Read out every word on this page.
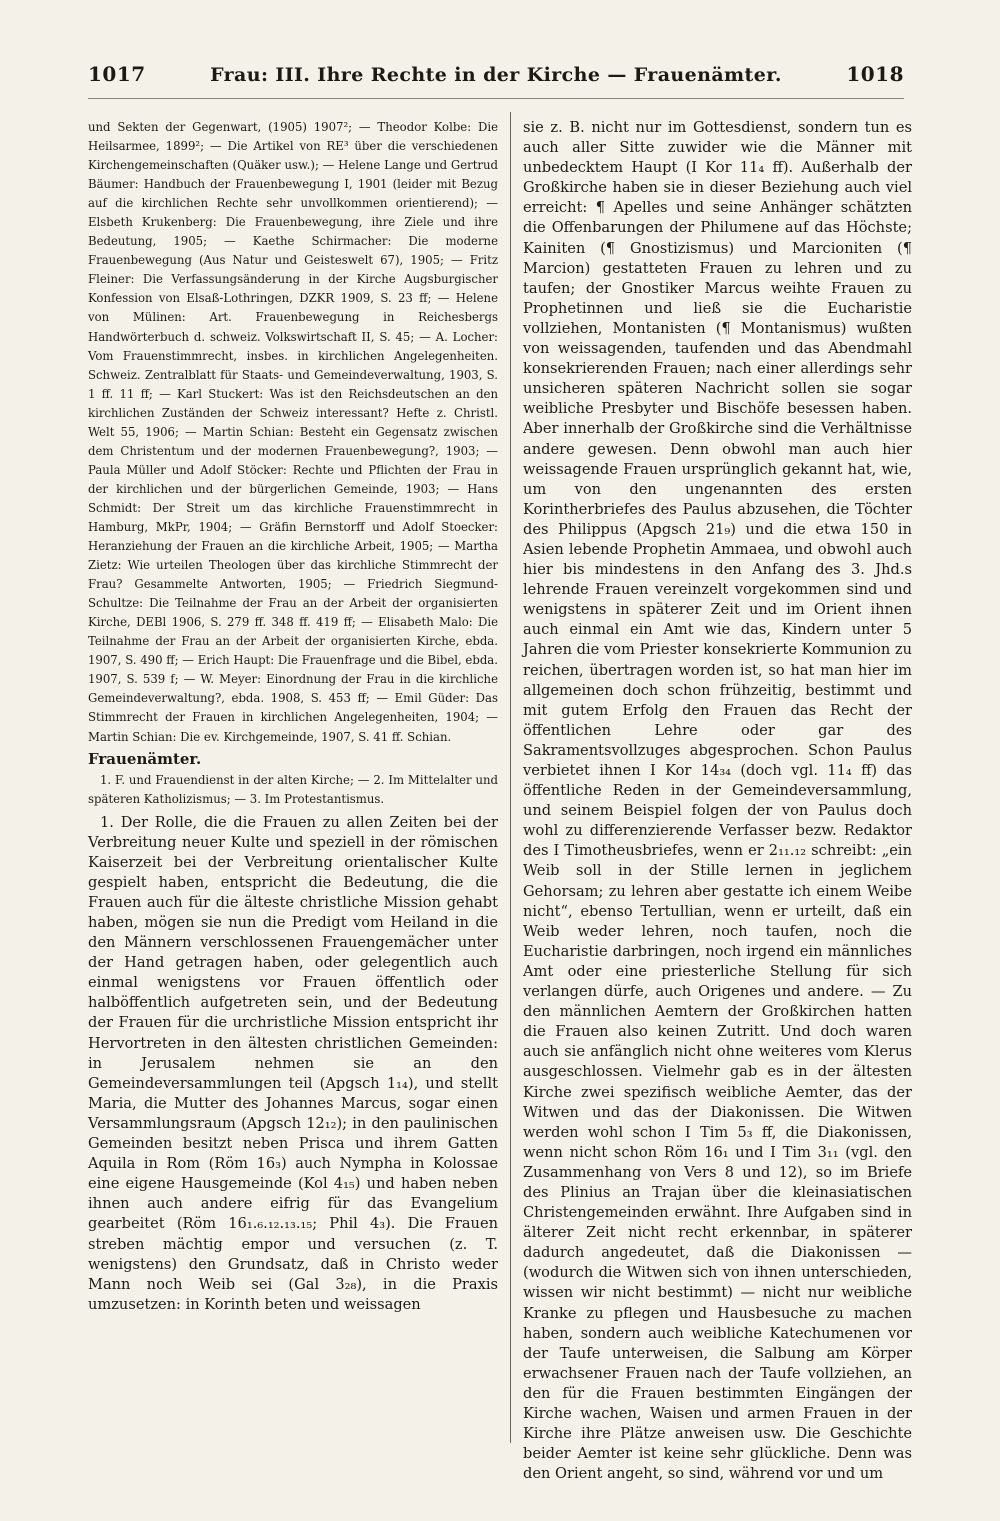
1017	Frau: III. Ihre Rechte in der Kirche — Frauenämter.	1018

und Sekten der Gegenwart, (1905) 1907²; — Theodor Kolbe: Die Heilsarmee, 1899²; — Die Artikel von RE³ über die verschiedenen Kirchengemeinschaften (Quäker usw.); — Helene Lange und Gertrud Bäumer: Handbuch der Frauenbewegung I, 1901 (leider mit Bezug auf die kirchlichen Rechte sehr unvollkommen orientierend); — Elsbeth Krukenberg: Die Frauenbewegung, ihre Ziele und ihre Bedeutung, 1905; — Kaethe Schirmacher: Die moderne Frauenbewegung (Aus Natur und Geisteswelt 67), 1905; — Fritz Fleiner: Die Verfassungsänderung in der Kirche Augsburgischer Konfession von Elsaß-Lothringen, DZKR 1909, S. 23 ff; — Helene von Mülinen: Art. Frauenbewegung in Reichesbergs Handwörterbuch d. schweiz. Volkswirtschaft II, S. 45; — A. Locher: Vom Frauenstimmrecht, insbes. in kirchlichen Angelegenheiten. Schweiz. Zentralblatt für Staats- und Gemeindeverwaltung, 1903, S. 1 ff. 11 ff; — Karl Stuckert: Was ist den Reichsdeutschen an den kirchlichen Zuständen der Schweiz interessant? Hefte z. Christl. Welt 55, 1906; — Martin Schian: Besteht ein Gegensatz zwischen dem Christentum und der modernen Frauenbewegung?, 1903; — Paula Müller und Adolf Stöcker: Rechte und Pflichten der Frau in der kirchlichen und der bürgerlichen Gemeinde, 1903; — Hans Schmidt: Der Streit um das kirchliche Frauenstimmrecht in Hamburg, MkPr, 1904; — Gräfin Bernstorff und Adolf Stoecker: Heranziehung der Frauen an die kirchliche Arbeit, 1905; — Martha Zietz: Wie urteilen Theologen über das kirchliche Stimmrecht der Frau? Gesammelte Antworten, 1905; — Friedrich Siegmund-Schultze: Die Teilnahme der Frau an der Arbeit der organisierten Kirche, DEBl 1906, S. 279 ff. 348 ff. 419 ff; — Elisabeth Malo: Die Teilnahme der Frau an der Arbeit der organisierten Kirche, ebda. 1907, S. 490 ff; — Erich Haupt: Die Frauenfrage und die Bibel, ebda. 1907, S. 539 f; — W. Meyer: Einordnung der Frau in die kirchliche Gemeindeverwaltung?, ebda. 1908, S. 453 ff; — Emil Güder: Das Stimmrecht der Frauen in kirchlichen Angelegenheiten, 1904; — Martin Schian: Die ev. Kirchgemeinde, 1907, S. 41 ff. Schian.

Frauenämter.

1. F. und Frauendienst in der alten Kirche; — 2. Im Mittelalter und späteren Katholizismus; — 3. Im Protestantismus.

1. Der Rolle, die die Frauen zu allen Zeiten bei der Verbreitung neuer Kulte und speziell in der römischen Kaiserzeit bei der Verbreitung orientalischer Kulte gespielt haben, entspricht die Bedeutung, die die Frauen auch für die älteste christliche Mission gehabt haben, mögen sie nun die Predigt vom Heiland in die den Männern verschlossenen Frauengemächer unter der Hand getragen haben, oder gelegentlich auch einmal wenigstens vor Frauen öffentlich oder halböffentlich aufgetreten sein, und der Bedeutung der Frauen für die urchristliche Mission entspricht ihr Hervortreten in den ältesten christlichen Gemeinden: in Jerusalem nehmen sie an den Gemeindeversammlungen teil (Apgsch 1₁₄), und stellt Maria, die Mutter des Johannes Marcus, sogar einen Versammlungsraum (Apgsch 12₁₂); in den paulinischen Gemeinden besitzt neben Prisca und ihrem Gatten Aquila in Rom (Röm 16₃) auch Nympha in Kolossae eine eigene Hausgemeinde (Kol 4₁₅) und haben neben ihnen auch andere eifrig für das Evangelium gearbeitet (Röm 16₁.₆.₁₂.₁₃.₁₅; Phil 4₃). Die Frauen streben mächtig empor und versuchen (z. T. wenigstens) den Grundsatz, daß in Christo weder Mann noch Weib sei (Gal 3₂₈), in die Praxis umzusetzen: in Korinth beten und weissagen

sie z. B. nicht nur im Gottesdienst, sondern tun es auch aller Sitte zuwider wie die Männer mit unbedecktem Haupt (I Kor 11₄ ff). Außerhalb der Großkirche haben sie in dieser Beziehung auch viel erreicht: ¶ Apelles und seine Anhänger schätzten die Offenbarungen der Philumene auf das Höchste; Kainiten (¶ Gnostizismus) und Marcioniten (¶ Marcion) gestatteten Frauen zu lehren und zu taufen; der Gnostiker Marcus weihte Frauen zu Prophetinnen und ließ sie die Eucharistie vollziehen, Montanisten (¶ Montanismus) wußten von weissagenden, taufenden und das Abendmahl konsekrierenden Frauen; nach einer allerdings sehr unsicheren späteren Nachricht sollen sie sogar weibliche Presbyter und Bischöfe besessen haben. Aber innerhalb der Großkirche sind die Verhältnisse andere gewesen. Denn obwohl man auch hier weissagende Frauen ursprünglich gekannt hat, wie, um von den ungenannten des ersten Korintherbriefes des Paulus abzusehen, die Töchter des Philippus (Apgsch 21₉) und die etwa 150 in Asien lebende Prophetin Ammaea, und obwohl auch hier bis mindestens in den Anfang des 3. Jhd.s lehrende Frauen vereinzelt vorgekommen sind und wenigstens in späterer Zeit und im Orient ihnen auch einmal ein Amt wie das, Kindern unter 5 Jahren die vom Priester konsekrierte Kommunion zu reichen, übertragen worden ist, so hat man hier im allgemeinen doch schon frühzeitig, bestimmt und mit gutem Erfolg den Frauen das Recht der öffentlichen Lehre oder gar des Sakramentsvollzuges abgesprochen. Schon Paulus verbietet ihnen I Kor 14₃₄ (doch vgl. 11₄ ff) das öffentliche Reden in der Gemeindeversammlung, und seinem Beispiel folgen der von Paulus doch wohl zu differenzierende Verfasser bezw. Redaktor des I Timotheusbriefes, wenn er 2₁₁.₁₂ schreibt: „ein Weib soll in der Stille lernen in jeglichem Gehorsam; zu lehren aber gestatte ich einem Weibe nicht“, ebenso Tertullian, wenn er urteilt, daß ein Weib weder lehren, noch taufen, noch die Eucharistie darbringen, noch irgend ein männliches Amt oder eine priesterliche Stellung für sich verlangen dürfe, auch Origenes und andere. — Zu den männlichen Aemtern der Großkirchen hatten die Frauen also keinen Zutritt. Und doch waren auch sie anfänglich nicht ohne weiteres vom Klerus ausgeschlossen. Vielmehr gab es in der ältesten Kirche zwei spezifisch weibliche Aemter, das der Witwen und das der Diakonissen. Die Witwen werden wohl schon I Tim 5₃ ff, die Diakonissen, wenn nicht schon Röm 16₁ und I Tim 3₁₁ (vgl. den Zusammenhang von Vers 8 und 12), so im Briefe des Plinius an Trajan über die kleinasiatischen Christengemeinden erwähnt. Ihre Aufgaben sind in älterer Zeit nicht recht erkennbar, in späterer dadurch angedeutet, daß die Diakonissen — (wodurch die Witwen sich von ihnen unterschieden, wissen wir nicht bestimmt) — nicht nur weibliche Kranke zu pflegen und Hausbesuche zu machen haben, sondern auch weibliche Katechumenen vor der Taufe unterweisen, die Salbung am Körper erwachsener Frauen nach der Taufe vollziehen, an den für die Frauen bestimmten Eingängen der Kirche wachen, Waisen und armen Frauen in der Kirche ihre Plätze anweisen usw. Die Geschichte beider Aemter ist keine sehr glückliche. Denn was den Orient angeht, so sind, während vor und um
